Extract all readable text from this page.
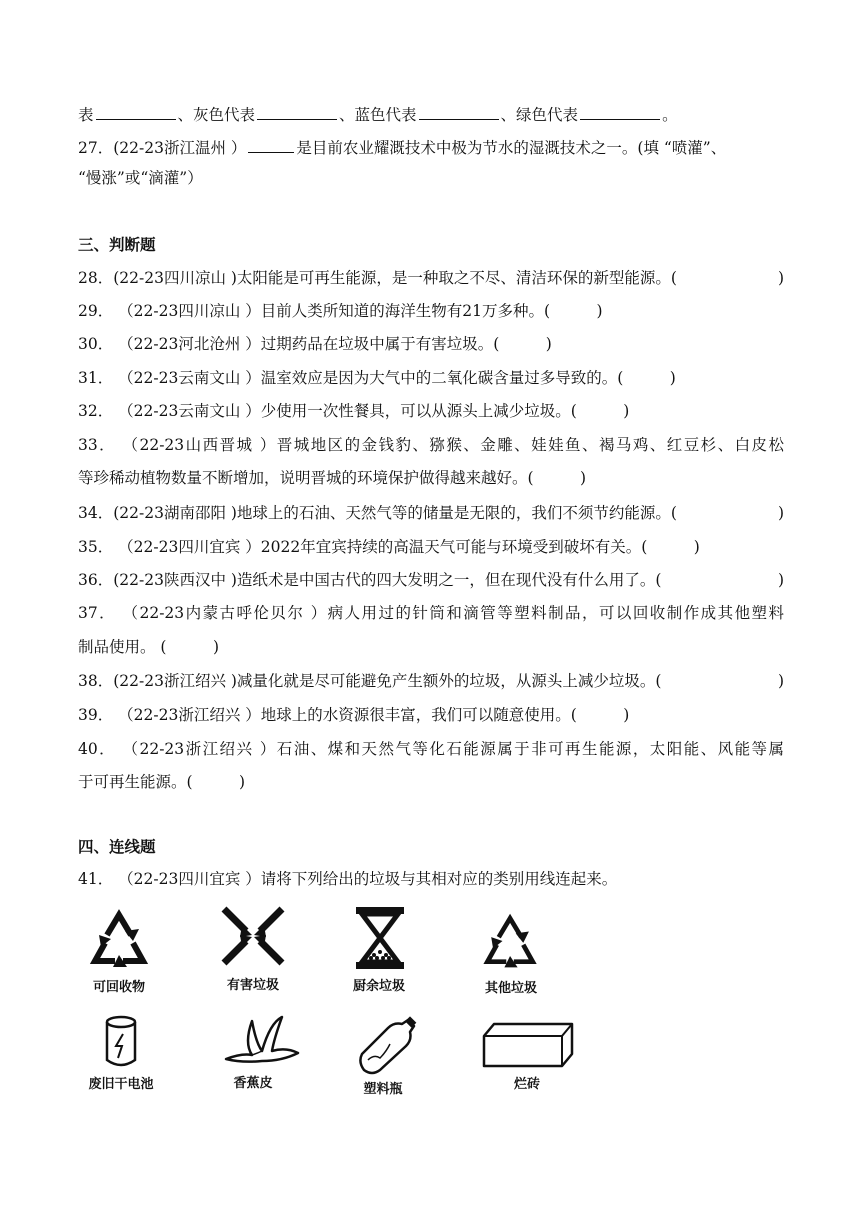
表	、灰色代表	、蓝色代表	、绿色代表	。
27．(22-23浙江温州 ）	是目前农业耀溉技术中极为节水的湿溉技术之一。(填 “喷灌”、
“慢涨”或“滴灌”）
三、判断题
28．(22-23四川凉山 )太阳能是可再生能源，是一种取之不尽、清洁环保的新型能源。(	)
29． （22-23四川凉山 ）目前人类所知道的海洋生物有21万多种。(　　　)
30． （22-23河北沧州 ）过期药品在垃圾中属于有害垃圾。(　　　)
31． （22-23云南文山 ）温室效应是因为大气中的二氧化碳含量过多导致的。(　　　)
32． （22-23云南文山 ）少使用一次性餐具，可以从源头上减少垃圾。(　　　)
33． （22-23山西晋城 ）晋城地区的金钱豹、猕猴、金雕、娃娃鱼、褐马鸡、红豆杉、白皮松
等珍稀动植物数量不断增加，说明晋城的环境保护做得越来越好。(　　　)
34．(22-23湖南邵阳 )地球上的石油、天然气等的储量是无限的，我们不须节约能源。(	)
35． （22-23四川宜宾 ）2022年宜宾持续的高温天气可能与环境受到破坏有关。(　　　)
36．(22-23陕西汉中 )造纸术是中国古代的四大发明之一，但在现代没有什么用了。(	)
37． （22-23内蒙古呼伦贝尔 ）病人用过的针筒和滴管等塑料制品，可以回收制作成其他塑料
制品使用。 (　　　)
38．(22-23浙江绍兴 )减量化就是尽可能避免产生额外的垃圾，从源头上减少垃圾。(	)
39． （22-23浙江绍兴 ）地球上的水资源很丰富，我们可以随意使用。(　　　)
40． （22-23浙江绍兴 ）石油、煤和天然气等化石能源属于非可再生能源，太阳能、风能等属
于可再生能源。(　　　)
四、连线题
41． （22-23四川宜宾 ）请将下列给出的垃圾与其相对应的类别用线连起来。
可回收物	有害垃圾	厨余垃圾	其他垃圾
废旧干电池	香蕉皮	塑料瓶	烂砖
